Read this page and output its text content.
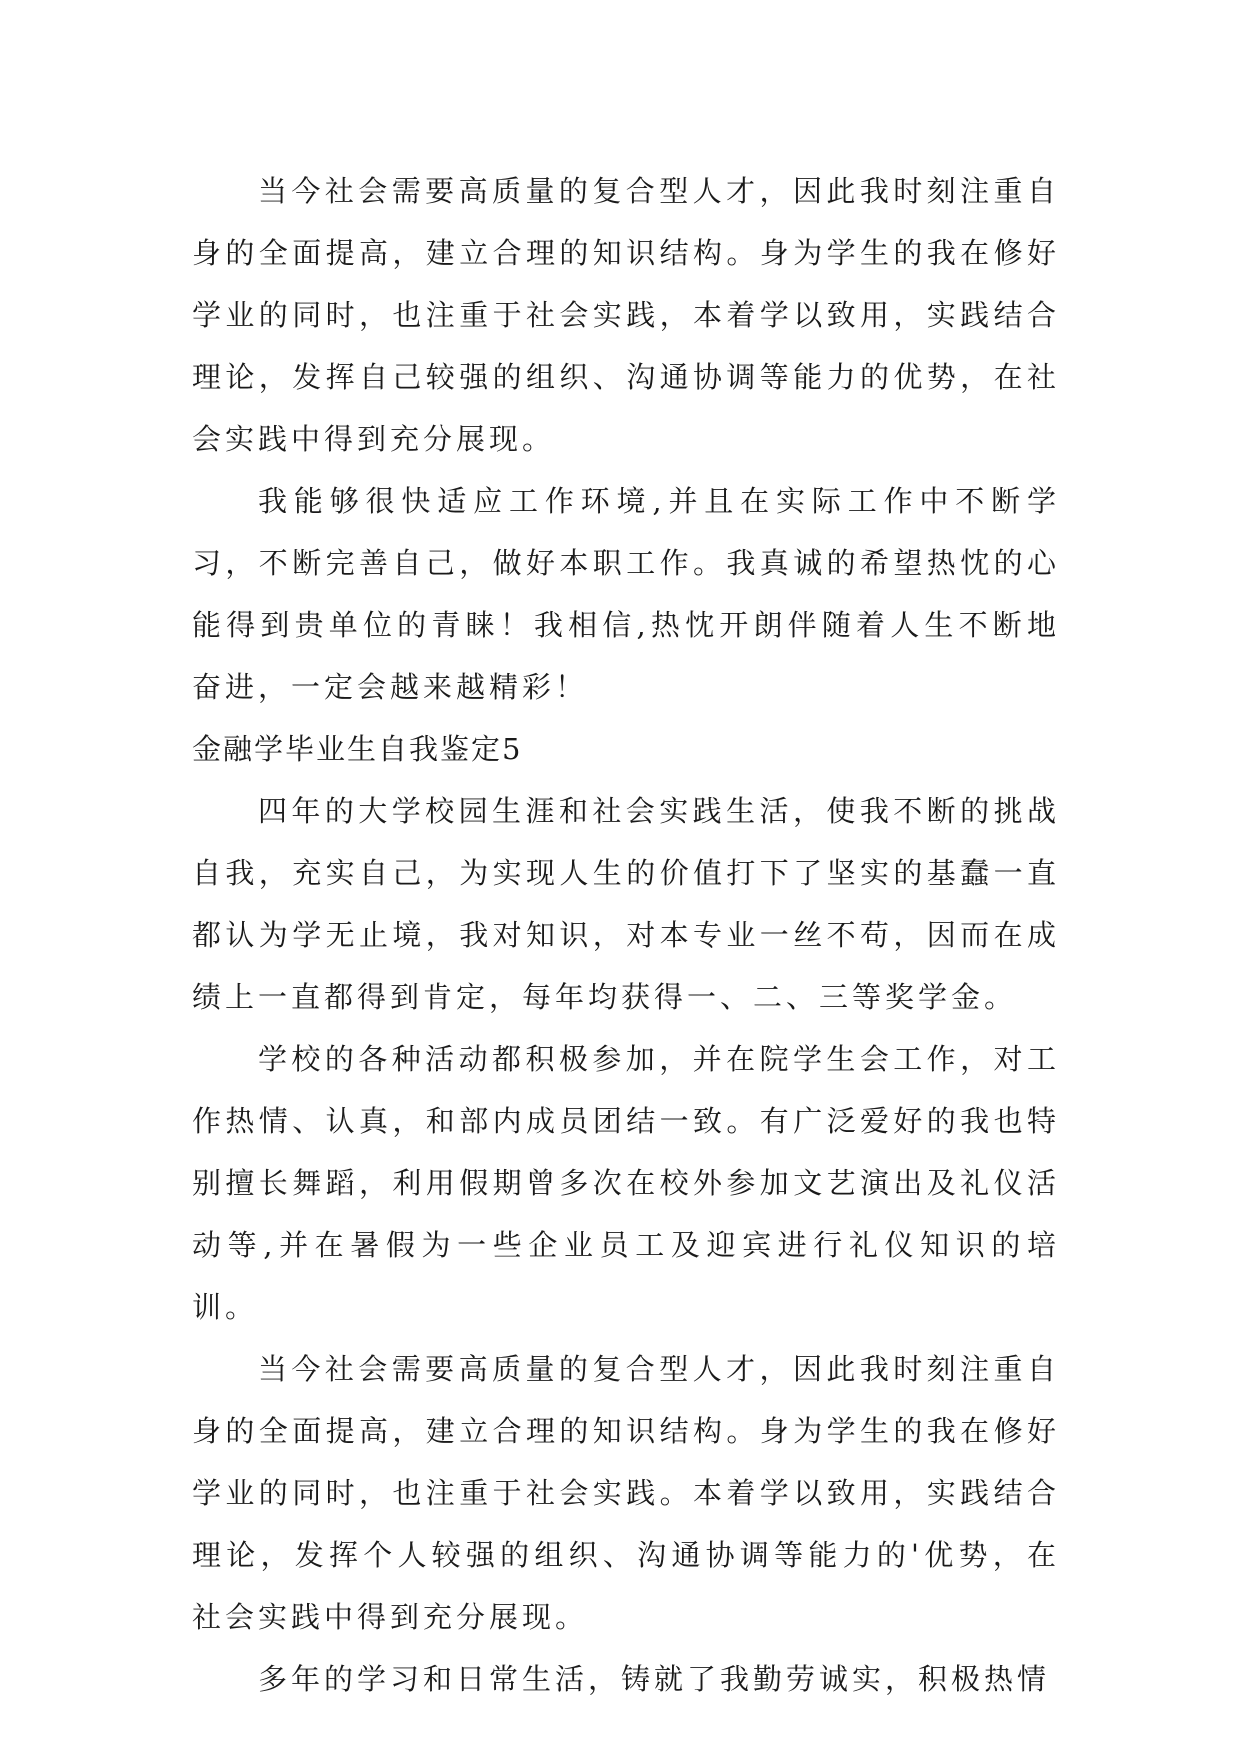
当今社会需要高质量的复合型人才，因此我时刻注重自身的全面提高，建立合理的知识结构。身为学生的我在修好学业的同时，也注重于社会实践，本着学以致用，实践结合理论，发挥自己较强的组织、沟通协调等能力的优势，在社会实践中得到充分展现。

我能够很快适应工作环境,并且在实际工作中不断学习，不断完善自己，做好本职工作。我真诚的希望热忱的心能得到贵单位的青睐！我相信,热忱开朗伴随着人生不断地奋进，一定会越来越精彩！

金融学毕业生自我鉴定5

四年的大学校园生涯和社会实践生活，使我不断的挑战自我，充实自己，为实现人生的价值打下了坚实的基蠢一直都认为学无止境，我对知识，对本专业一丝不苟，因而在成绩上一直都得到肯定，每年均获得一、二、三等奖学金。

学校的各种活动都积极参加，并在院学生会工作，对工作热情、认真，和部内成员团结一致。有广泛爱好的我也特别擅长舞蹈，利用假期曾多次在校外参加文艺演出及礼仪活动等,并在暑假为一些企业员工及迎宾进行礼仪知识的培训。

当今社会需要高质量的复合型人才，因此我时刻注重自身的全面提高，建立合理的知识结构。身为学生的我在修好学业的同时，也注重于社会实践。本着学以致用，实践结合理论，发挥个人较强的组织、沟通协调等能力的'优势，在社会实践中得到充分展现。

多年的学习和日常生活，铸就了我勤劳诚实，积极热情
